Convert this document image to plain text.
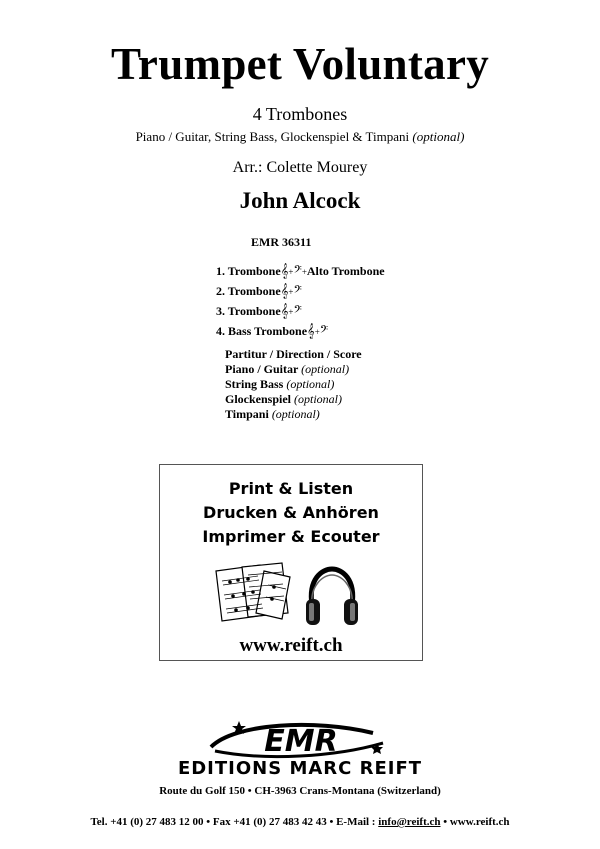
Trumpet Voluntary
4 Trombones
Piano / Guitar, String Bass, Glockenspiel & Timpani (optional)
Arr.: Colette Mourey
John Alcock
EMR 36311
1. Trombone𝄞+𝄢+Alto Trombone
2. Trombone𝄞+𝄢
3. Trombone𝄞+𝄢
4. Bass Trombone𝄞+𝄢
Partitur / Direction / Score
Piano / Guitar (optional)
String Bass (optional)
Glockenspiel (optional)
Timpani (optional)
Print & Listen
Drucken & Anhören
Imprimer & Ecouter
www.reift.ch
EMR
EDITIONS MARC REIFT
Route du Golf 150 • CH-3963 Crans-Montana (Switzerland)
Tel. +41 (0) 27 483 12 00 • Fax +41 (0) 27 483 42 43 • E-Mail : info@reift.ch • www.reift.ch
